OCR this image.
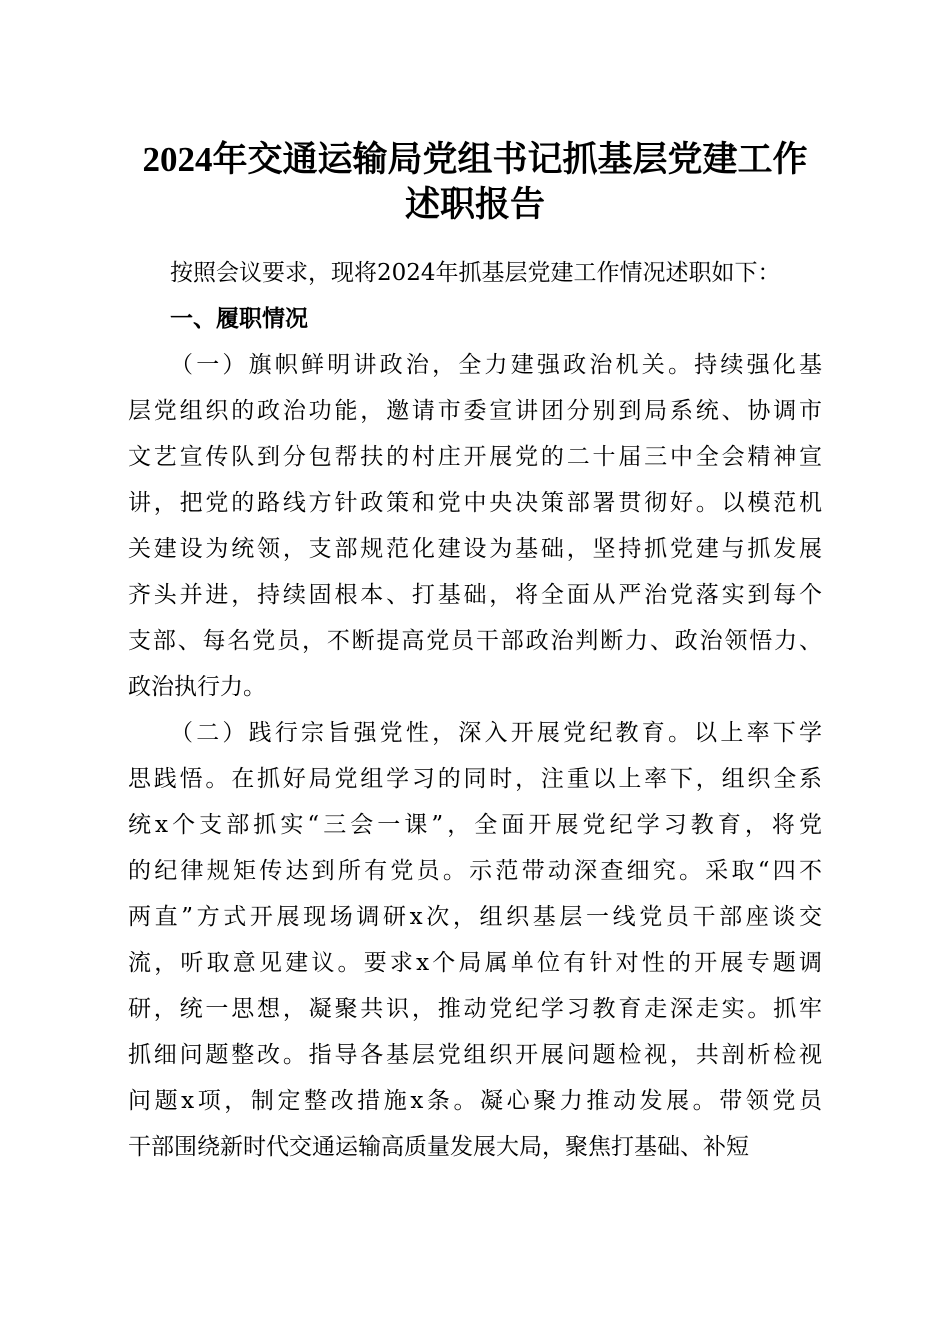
2024年交通运输局党组书记抓基层党建工作
述职报告
按照会议要求，现将2024年抓基层党建工作情况述职如下：
一、履职情况
（一）旗帜鲜明讲政治，全力建强政治机关。持续强化基
层党组织的政治功能，邀请市委宣讲团分别到局系统、协调市
文艺宣传队到分包帮扶的村庄开展党的二十届三中全会精神宣
讲，把党的路线方针政策和党中央决策部署贯彻好。以模范机
关建设为统领，支部规范化建设为基础，坚持抓党建与抓发展
齐头并进，持续固根本、打基础，将全面从严治党落实到每个
支部、每名党员，不断提高党员干部政治判断力、政治领悟力、
政治执行力。
（二）践行宗旨强党性，深入开展党纪教育。以上率下学
思践悟。在抓好局党组学习的同时，注重以上率下，组织全系
统x个支部抓实“三会一课”，全面开展党纪学习教育，将党
的纪律规矩传达到所有党员。示范带动深查细究。采取“四不
两直”方式开展现场调研x次，组织基层一线党员干部座谈交
流，听取意见建议。要求x个局属单位有针对性的开展专题调
研，统一思想，凝聚共识，推动党纪学习教育走深走实。抓牢
抓细问题整改。指导各基层党组织开展问题检视，共剖析检视
问题x项，制定整改措施x条。凝心聚力推动发展。带领党员
干部围绕新时代交通运输高质量发展大局，聚焦打基础、补短
